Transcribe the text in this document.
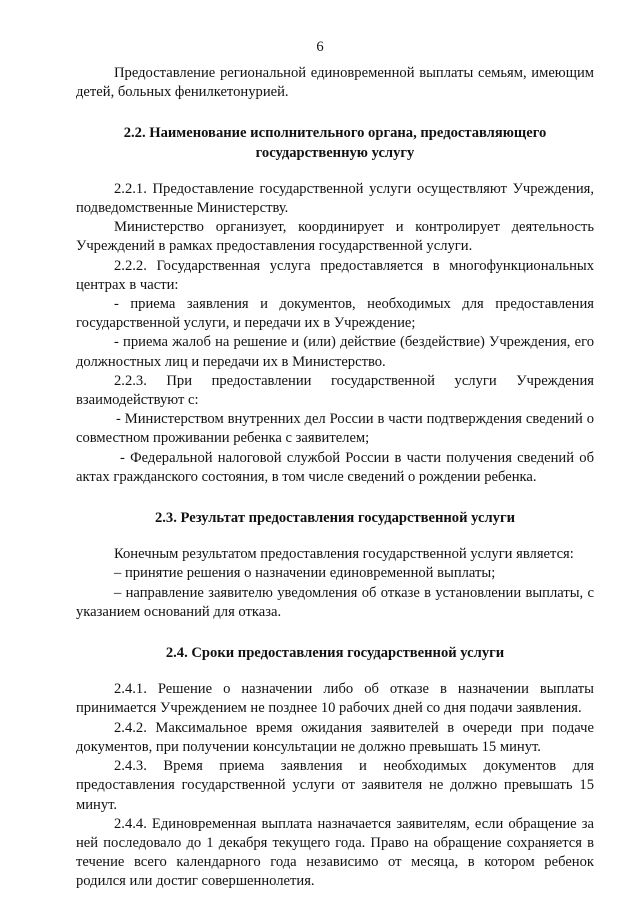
6

Предоставление региональной единовременной выплаты семьям, имеющим детей, больных фенилкетонурией.

2.2. Наименование исполнительного органа, предоставляющего государственную услугу

2.2.1. Предоставление государственной услуги осуществляют Учреждения, подведомственные Министерству.

Министерство организует, координирует и контролирует деятельность Учреждений в рамках предоставления государственной услуги.

2.2.2. Государственная услуга предоставляется в многофункциональных центрах в части:

- приема заявления и документов, необходимых для предоставления государственной услуги, и передачи их в Учреждение;

- приема жалоб на решение и (или) действие (бездействие) Учреждения, его должностных лиц и передачи их в Министерство.

2.2.3. При предоставлении государственной услуги Учреждения взаимодействуют с:

- Министерством внутренних дел России в части подтверждения сведений о совместном проживании ребенка с заявителем;

- Федеральной налоговой службой России в части получения сведений об актах гражданского состояния, в том числе сведений о рождении ребенка.

2.3. Результат предоставления государственной услуги

Конечным результатом предоставления государственной услуги является:

– принятие решения о назначении единовременной выплаты;

– направление заявителю уведомления об отказе в установлении выплаты, с указанием оснований для отказа.

2.4. Сроки предоставления государственной услуги

2.4.1. Решение о назначении либо об отказе в назначении выплаты принимается Учреждением не позднее 10 рабочих дней со дня подачи заявления.

2.4.2. Максимальное время ожидания заявителей в очереди при подаче документов, при получении консультации не должно превышать 15 минут.

2.4.3. Время приема заявления и необходимых документов для предоставления государственной услуги от заявителя не должно превышать 15 минут.

2.4.4. Единовременная выплата назначается заявителям, если обращение за ней последовало до 1 декабря текущего года. Право на обращение сохраняется в течение всего календарного года независимо от месяца, в котором ребенок родился или достиг совершеннолетия.
